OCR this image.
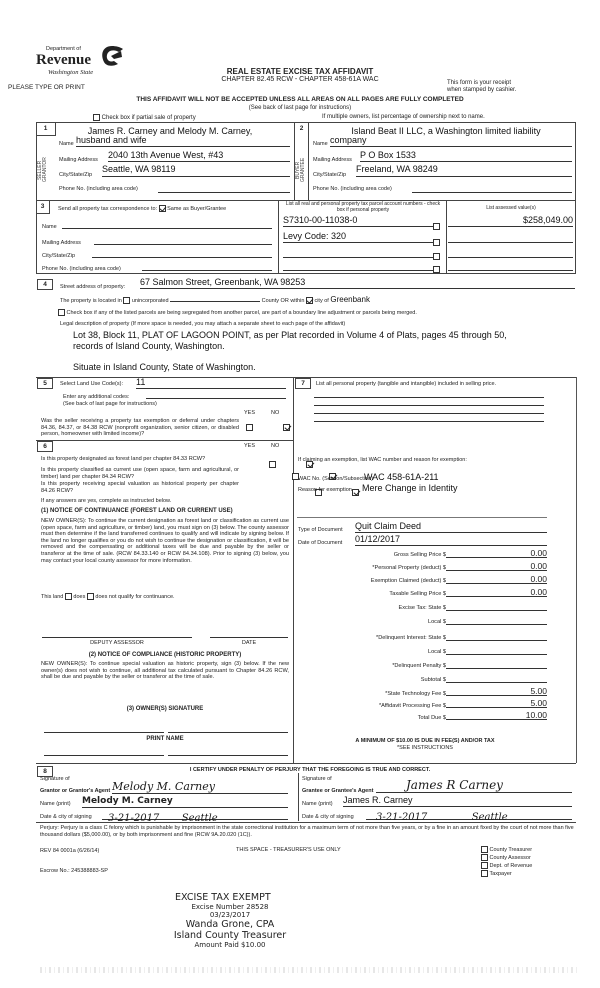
Department of
Revenue
Washington State
PLEASE TYPE OR PRINT
REAL ESTATE EXCISE TAX AFFIDAVIT
CHAPTER 82.45 RCW - CHAPTER 458-61A WAC	This form is your receipt
when stamped by cashier.
THIS AFFIDAVIT WILL NOT BE ACCEPTED UNLESS ALL AREAS ON ALL PAGES ARE FULLY COMPLETED
(See back of last page for instructions)
Check box if partial sale of property	If multiple owners, list percentage of ownership next to name.
1
SELLER GRANTOR
James R. Carney and Melody M. Carney,
Name husband and wife
Mailing Address 2040 13th Avenue West, #43
City/State/Zip
Seattle, WA 98119
Phone No. (including area code)
2
BUYER GRANTEE
Island Beat II LLC, a Washington limited liability
Name company
Mailing Address P O Box 1533
City/State/Zip
Freeland, WA 98249
Phone No. (including area code)
3	Send all property tax correspondence to: Same as Buyer/Grantee
Name
Mailing Address
City/State/Zip
Phone No. (including area code)
List all real and personal property tax parcel account numbers - check box if personal property	List assessed value(s)
S7310-00-11038-0	$258,049.00
Levy Code: 320
4	Street address of property: 67 Salmon Street, Greenbank, WA 98253
The property is located in unincorporated	County OR within city of Greenbank
Check box if any of the listed parcels are being segregated from another parcel, are part of a boundary line adjustment or parcels being merged.
Legal description of property (If more space is needed, you may attach a separate sheet to each page of the affidavit)
Lot 38, Block 11, PLAT OF LAGOON POINT, as per Plat recorded in Volume 4 of Plats, pages 45 through 50,
records of Island County, Washington.
Situate in Island County, State of Washington.
5	Select Land Use Code(s): 11
Enter any additional codes:
(See back of last page for instructions)
YES	NO
Was the seller receiving a property tax exemption or deferral under chapters 84.36, 84.37, or 84.38 RCW (nonprofit organization, senior citizen, or disabled person, homeowner with limited income)?

6	YES	NO
Is this property designated as forest land per chapter 84.33 RCW?

Is this property classified as current use (open space, farm and agricultural, or timber) land per chapter 84.34 RCW?

Is this property receiving special valuation as historical property per chapter 84.26 RCW?

If any answers are yes, complete as instructed below.
(1) NOTICE OF CONTINUANCE (FOREST LAND OR CURRENT USE)
NEW OWNER(S): To continue the current designation as forest land or classification as current use (open space, farm and agriculture, or timber) land, you must sign on (3) below. The county assessor must then determine if the land transferred continues to qualify and will indicate by signing below. If the land no longer qualifies or you do not wish to continue the designation or classification, it will be removed and the compensating or additional taxes will be due and payable by the seller or transferor at the time of sale. (RCW 84.33.140 or RCW 84.34.108). Prior to signing (3) below, you may contact your local county assessor for more information.
This land does does not qualify for continuance.
DEPUTY ASSESSOR	DATE
(2) NOTICE OF COMPLIANCE (HISTORIC PROPERTY)
NEW OWNER(S): To continue special valuation as historic property, sign (3) below. If the new owner(s) does not wish to continue, all additional tax calculated pursuant to Chapter 84.26 RCW, shall be due and payable by the seller or transferor at the time of sale.
(3) OWNER(S) SIGNATURE
PRINT NAME
7	List all personal property (tangible and intangible) included in selling price.
If claiming an exemption, list WAC number and reason for exemption:
WAC No. (Section/Subsection)
WAC 458-61A-211
Reason for exemption Mere Change in Identity
Type of Document Quit Claim Deed
Date of Document 01/12/2017
Gross Selling Price $	0.00
*Personal Property (deduct) $	0.00
Exemption Claimed (deduct) $	0.00
Taxable Selling Price $	0.00
Excise Tax: State $
Local $
*Delinquent Interest: State $
Local $
*Delinquent Penalty $
Subtotal $
*State Technology Fee $	5.00
*Affidavit Processing Fee $	5.00
Total Due $	10.00
A MINIMUM OF $10.00 IS DUE IN FEE(S) AND/OR TAX
*SEE INSTRUCTIONS
8	I CERTIFY UNDER PENALTY OF PERJURY THAT THE FOREGOING IS TRUE AND CORRECT.
Signature of
Grantor or Grantor's Agent Melody M. Carney
Name (print) Melody M. Carney
Date & city of signing	3-21-2017 Seattle
Signature of
Grantee or Grantee's Agent	James R Carney
Name (print) James R. Carney
Date & city of signing	3-21-2017	Seattle
Perjury: Perjury is a class C felony which is punishable by imprisonment in the state correctional institution for a maximum term of not more than five years, or by a fine in an amount fixed by the court of not more than five thousand dollars ($5,000.00), or by both imprisonment and fine (RCW 9A.20.020 (1C)).
REV 84 0001a (6/26/14)	THIS SPACE - TREASURER'S USE ONLY
Escrow No.: 245388883-SP
County Treasurer
County Assessor
Dept. of Revenue
Taxpayer
EXCISE TAX EXEMPT
Excise Number 28528
03/23/2017
Wanda Grone, CPA
Island County Treasurer
Amount Paid $10.00
